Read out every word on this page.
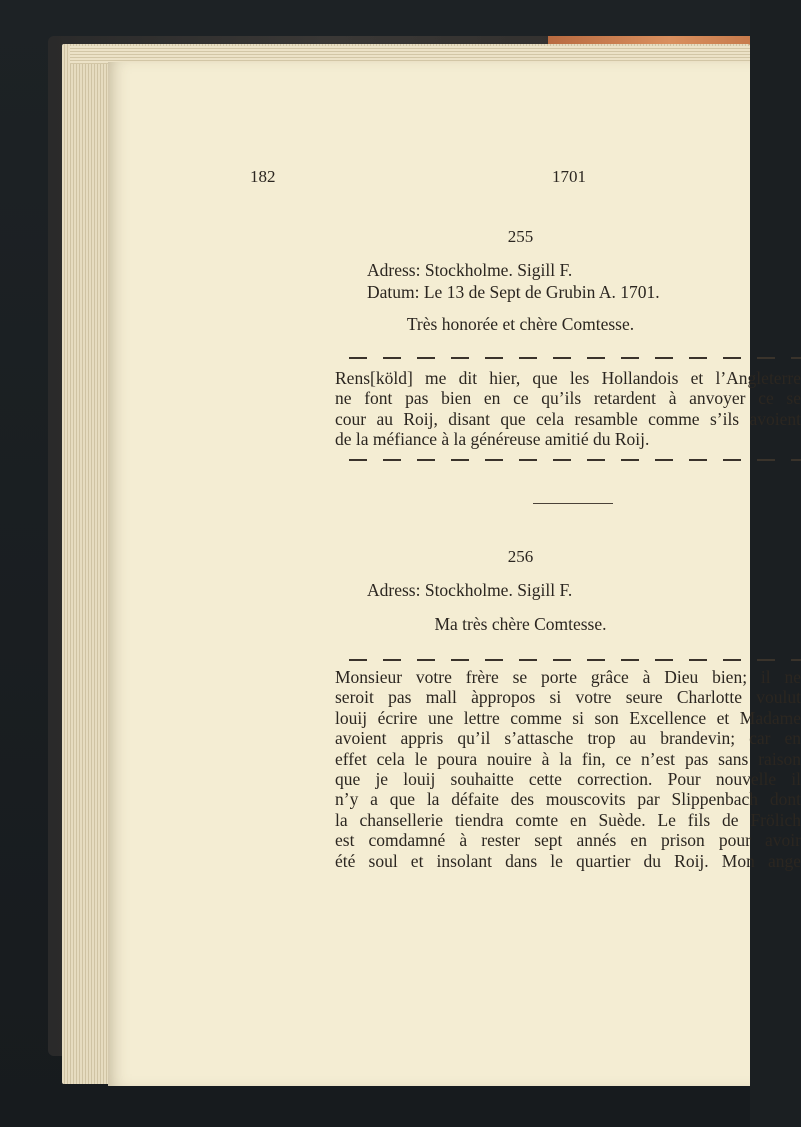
182	1701
255
Adress: Stockholme. Sigill F.
Datum: Le 13 de Sept de Grubin A. 1701.
Très honorée et chère Comtesse.
Rens[köld] me dit hier, que les Hollandois et l’Angleterre
ne font pas bien en ce qu’ils retardent à anvoyer ce se
cour au Roij, disant que cela resamble comme s’ils avoient
de la méfiance à la généreuse amitié du Roij.
256
Adress: Stockholme. Sigill F.
Ma très chère Comtesse.
Monsieur votre frère se porte grâce à Dieu bien; il ne
seroit pas mall àppropos si votre seure Charlotte voulut
louij écrire une lettre comme si son Excellence et Madame
avoient appris qu’il s’attasche trop au brandevin; car en
effet cela le poura nouire à la fin, ce n’est pas sans raison
que je louij souhaitte cette correction. Pour nouvelle il
n’y a que la défaite des mouscovits par Slippenbach dont
la chansellerie tiendra comte en Suède. Le fils de Frölich
est comdamné à rester sept annés en prison pour avoir
été soul et insolant dans le quartier du Roij. Mon ange
